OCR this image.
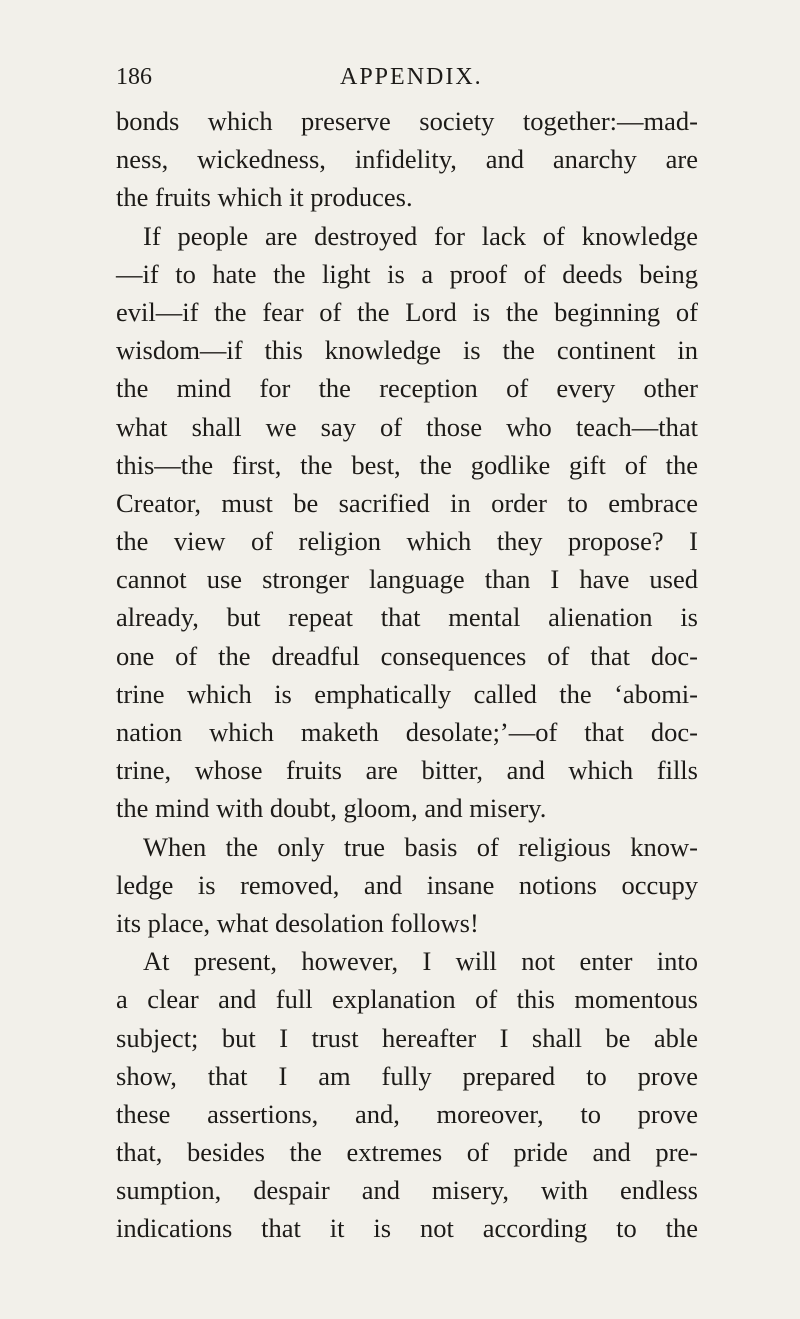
186	APPENDIX.
bonds which preserve society together:—mad-
ness, wickedness, infidelity, and anarchy are
the fruits which it produces.
If people are destroyed for lack of knowledge
—if to hate the light is a proof of deeds being
evil—if the fear of the Lord is the beginning of
wisdom—if this knowledge is the continent in
the mind for the reception of every other
what shall we say of those who teach—that
this—the first, the best, the godlike gift of the
Creator, must be sacrified in order to embrace
the view of religion which they propose? I
cannot use stronger language than I have used
already, but repeat that mental alienation is
one of the dreadful consequences of that doc-
trine which is emphatically called the ‘abomi-
nation which maketh desolate;’—of that doc-
trine, whose fruits are bitter, and which fills
the mind with doubt, gloom, and misery.
When the only true basis of religious know-
ledge is removed, and insane notions occupy
its place, what desolation follows!
At present, however, I will not enter into
a clear and full explanation of this momentous
subject; but I trust hereafter I shall be able
show, that I am fully prepared to prove
these assertions, and, moreover, to prove
that, besides the extremes of pride and pre-
sumption, despair and misery, with endless
indications that it is not according to the
